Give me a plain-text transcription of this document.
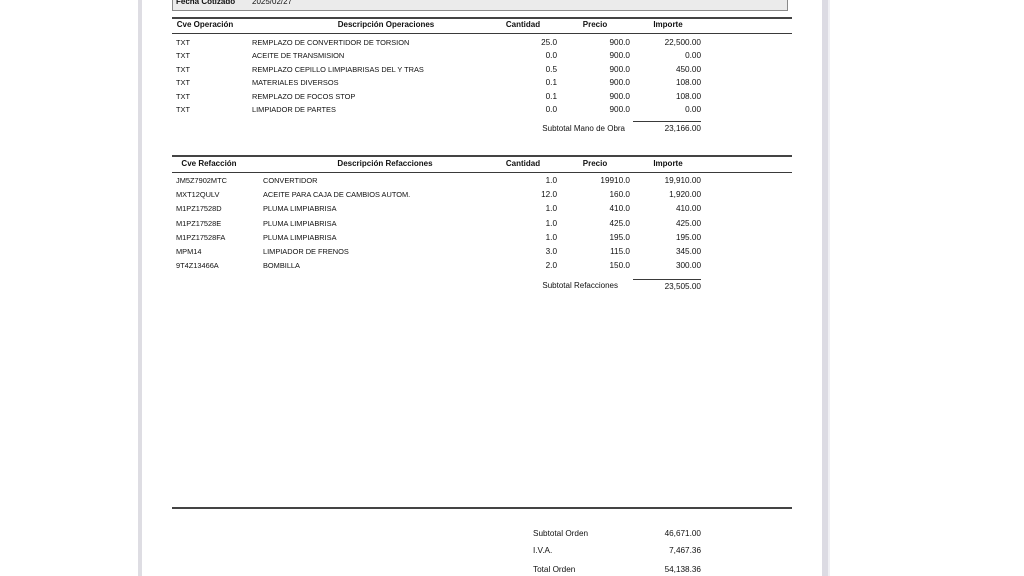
Fecha Cotizado 2025/02/27
Cve Operación	Descripción Operaciones	Cantidad	Precio	Importe
TXT	REMPLAZO DE CONVERTIDOR DE TORSION	25.0	900.0	22,500.00
TXT	ACEITE DE TRANSMISION	0.0	900.0	0.00
TXT	REMPLAZO CEPILLO LIMPIABRISAS DEL Y TRAS	0.5	900.0	450.00
TXT	MATERIALES DIVERSOS	0.1	900.0	108.00
TXT	REMPLAZO DE FOCOS STOP	0.1	900.0	108.00
TXT	LIMPIADOR DE PARTES	0.0	900.0	0.00
Subtotal Mano de Obra	23,166.00
Cve Refacción	Descripción Refacciones	Cantidad	Precio	Importe
JM5Z7902MTC	CONVERTIDOR	1.0	19910.0	19,910.00
MXT12QULV	ACEITE PARA CAJA DE CAMBIOS AUTOM.	12.0	160.0	1,920.00
M1PZ17528D	PLUMA LIMPIABRISA	1.0	410.0	410.00
M1PZ17528E	PLUMA LIMPIABRISA	1.0	425.0	425.00
M1PZ17528FA	PLUMA LIMPIABRISA	1.0	195.0	195.00
MPM14	LIMPIADOR DE FRENOS	3.0	115.0	345.00
9T4Z13466A	BOMBILLA	2.0	150.0	300.00
Subtotal Refacciones	23,505.00
Subtotal Orden	46,671.00
I.V.A.	7,467.36
Total Orden	54,138.36
